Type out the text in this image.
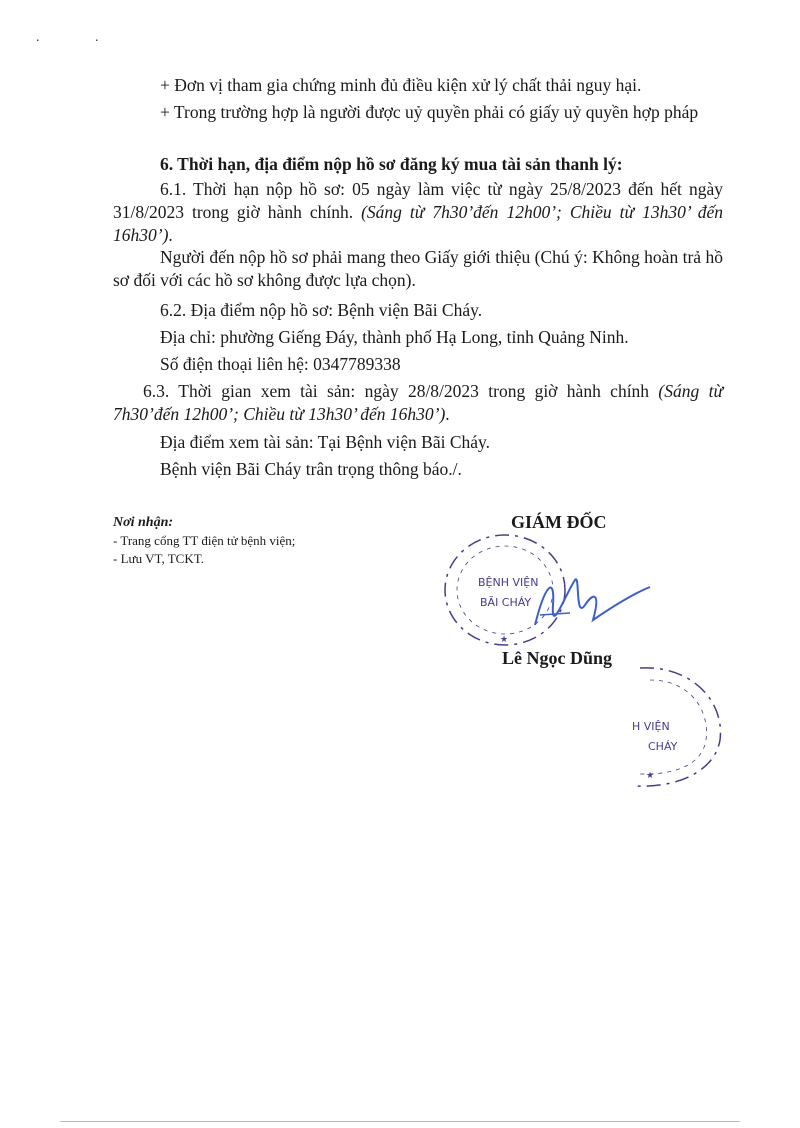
. .

+ Đơn vị tham gia chứng minh đủ điều kiện xử lý chất thải nguy hại.

+ Trong trường hợp là người được uỷ quyền phải có giấy uỷ quyền hợp pháp

6. Thời hạn, địa điểm nộp hồ sơ đăng ký mua tài sản thanh lý:

6.1. Thời hạn nộp hồ sơ: 05 ngày làm việc từ ngày 25/8/2023 đến hết ngày 31/8/2023 trong giờ hành chính. (Sáng từ 7h30’đến 12h00’; Chiều từ 13h30’ đến 16h30’).

Người đến nộp hồ sơ phải mang theo Giấy giới thiệu (Chú ý: Không hoàn trả hồ sơ đối với các hồ sơ không được lựa chọn).

6.2. Địa điểm nộp hồ sơ: Bệnh viện Bãi Cháy.

Địa chỉ: phường Giếng Đáy, thành phố Hạ Long, tỉnh Quảng Ninh.

Số điện thoại liên hệ: 0347789338

6.3. Thời gian xem tài sản: ngày 28/8/2023 trong giờ hành chính (Sáng từ 7h30’đến 12h00’; Chiều từ 13h30’ đến 16h30’).

Địa điểm xem tài sản: Tại Bệnh viện Bãi Cháy.

Bệnh viện Bãi Cháy trân trọng thông báo./.

Nơi nhận:
- Trang cổng TT điện tử bệnh viện;
- Lưu VT, TCKT.
GIÁM ĐỐC
BỆNH VIỆN
BÃI CHÁY
★
Lê Ngọc Dũng
H VIỆN
CHÁY
★
